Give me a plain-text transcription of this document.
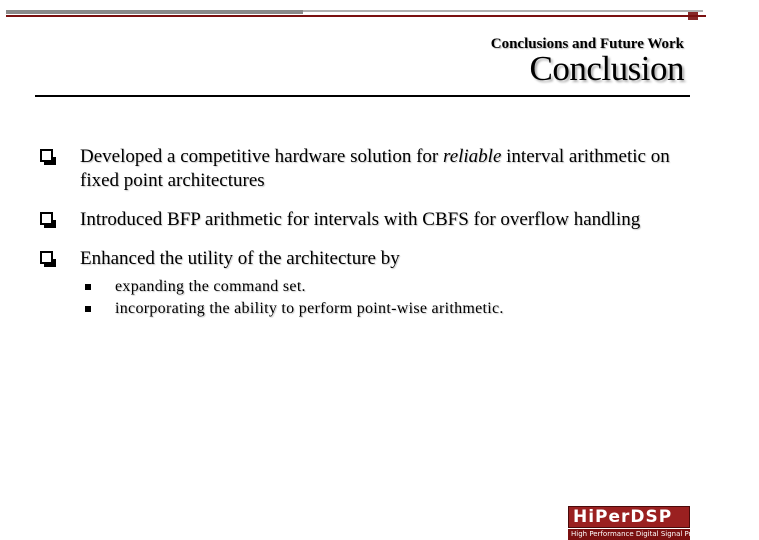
Conclusions and Future Work
Conclusion
Developed a competitive hardware solution for reliable interval arithmetic on fixed point architectures
Introduced BFP arithmetic for intervals with CBFS for overflow handling
Enhanced the utility of the architecture by
expanding the command set.
incorporating the ability to perform point-wise arithmetic.
HiPerDSP
High Performance Digital Signal Processor Laboratory
